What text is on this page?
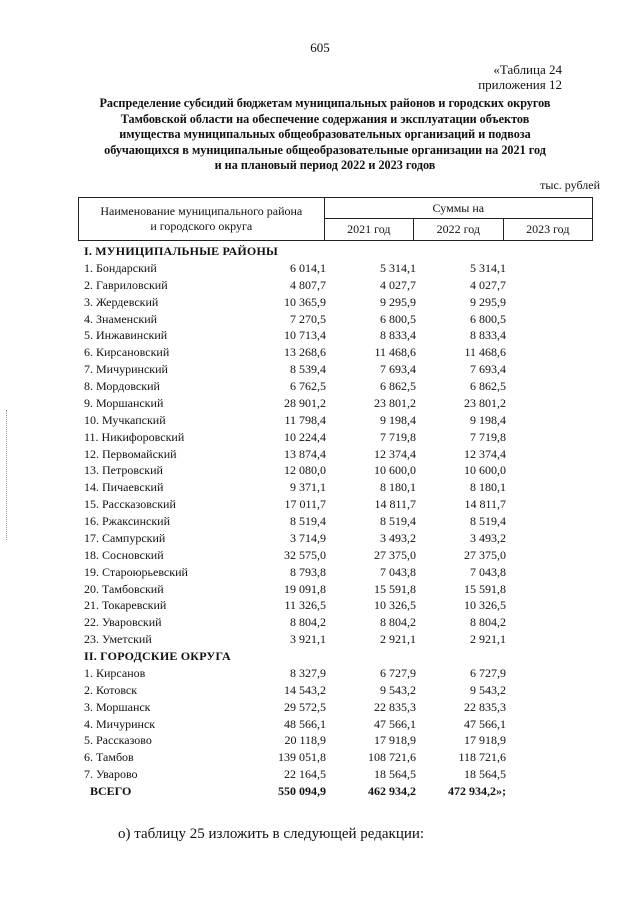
605
«Таблица 24
приложения 12
Распределение субсидий бюджетам муниципальных районов и городских округов
Тамбовской области на обеспечение содержания и эксплуатации объектов
имущества муниципальных общеобразовательных организаций и подвоза
обучающихся в муниципальные общеобразовательные организации на 2021 год
и на плановый период 2022 и 2023 годов
тыс. рублей
Наименование муниципального района
и городского округа	Суммы на		
	2021 год	2022 год	2023 год
I. МУНИЦИПАЛЬНЫЕ РАЙОНЫ
1. Бондарский	6 014,1	5 314,1	5 314,1
2. Гавриловский	4 807,7	4 027,7	4 027,7
3. Жердевский	10 365,9	9 295,9	9 295,9
4. Знаменский	7 270,5	6 800,5	6 800,5
5. Инжавинский	10 713,4	8 833,4	8 833,4
6. Кирсановский	13 268,6	11 468,6	11 468,6
7. Мичуринский	8 539,4	7 693,4	7 693,4
8. Мордовский	6 762,5	6 862,5	6 862,5
9. Моршанский	28 901,2	23 801,2	23 801,2
10. Мучкапский	11 798,4	9 198,4	9 198,4
11. Никифоровский	10 224,4	7 719,8	7 719,8
12. Первомайский	13 874,4	12 374,4	12 374,4
13. Петровский	12 080,0	10 600,0	10 600,0
14. Пичаевский	9 371,1	8 180,1	8 180,1
15. Рассказовский	17 011,7	14 811,7	14 811,7
16. Ржаксинский	8 519,4	8 519,4	8 519,4
17. Сампурский	3 714,9	3 493,2	3 493,2
18. Сосновский	32 575,0	27 375,0	27 375,0
19. Староюрьевский	8 793,8	7 043,8	7 043,8
20. Тамбовский	19 091,8	15 591,8	15 591,8
21. Токаревский	11 326,5	10 326,5	10 326,5
22. Уваровский	8 804,2	8 804,2	8 804,2
23. Уметский	3 921,1	2 921,1	2 921,1
II. ГОРОДСКИЕ ОКРУГА
1. Кирсанов	8 327,9	6 727,9	6 727,9
2. Котовск	14 543,2	9 543,2	9 543,2
3. Моршанск	29 572,5	22 835,3	22 835,3
4. Мичуринск	48 566,1	47 566,1	47 566,1
5. Рассказово	20 118,9	17 918,9	17 918,9
6. Тамбов	139 051,8	108 721,6	118 721,6
7. Уварово	22 164,5	18 564,5	18 564,5
ВСЕГО	550 094,9	462 934,2	472 934,2»;
о) таблицу 25 изложить в следующей редакции:
